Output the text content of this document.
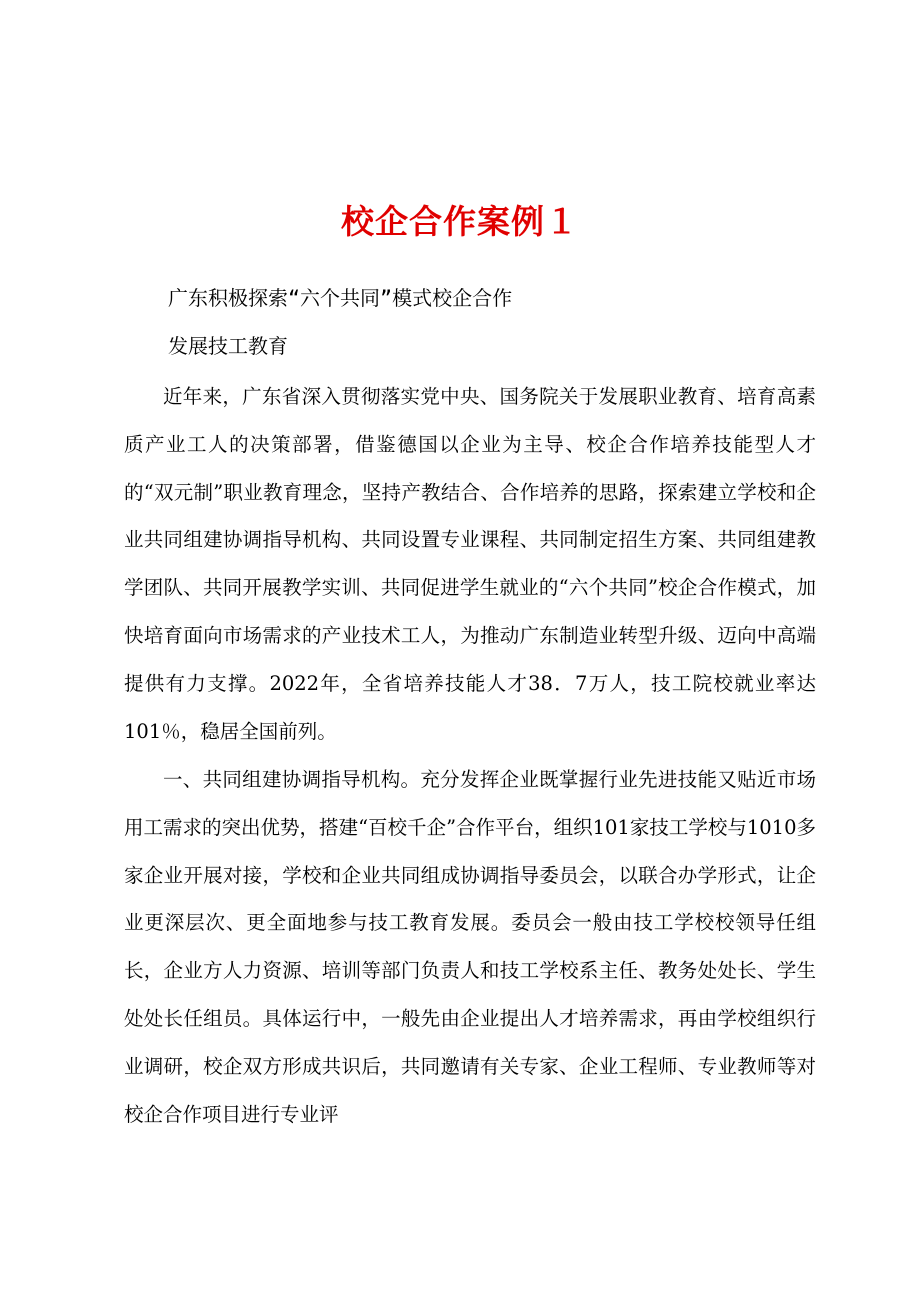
校企合作案例１
广东积极探索“六个共同”模式校企合作
发展技工教育

近年来，广东省深入贯彻落实党中央、国务院关于发展职业教育、培育高素质产业工人的决策部署，借鉴德国以企业为主导、校企合作培养技能型人才的“双元制”职业教育理念，坚持产教结合、合作培养的思路，探索建立学校和企业共同组建协调指导机构、共同设置专业课程、共同制定招生方案、共同组建教学团队、共同开展教学实训、共同促进学生就业的“六个共同”校企合作模式，加快培育面向市场需求的产业技术工人，为推动广东制造业转型升级、迈向中高端提供有力支撑。2022年，全省培养技能人才38．7万人，技工院校就业率达101％，稳居全国前列。

一、共同组建协调指导机构。充分发挥企业既掌握行业先进技能又贴近市场用工需求的突出优势，搭建“百校千企”合作平台，组织101家技工学校与1010多家企业开展对接，学校和企业共同组成协调指导委员会，以联合办学形式，让企业更深层次、更全面地参与技工教育发展。委员会一般由技工学校校领导任组长，企业方人力资源、培训等部门负责人和技工学校系主任、教务处处长、学生处处长任组员。具体运行中，一般先由企业提出人才培养需求，再由学校组织行业调研，校企双方形成共识后，共同邀请有关专家、企业工程师、专业教师等对校企合作项目进行专业评
